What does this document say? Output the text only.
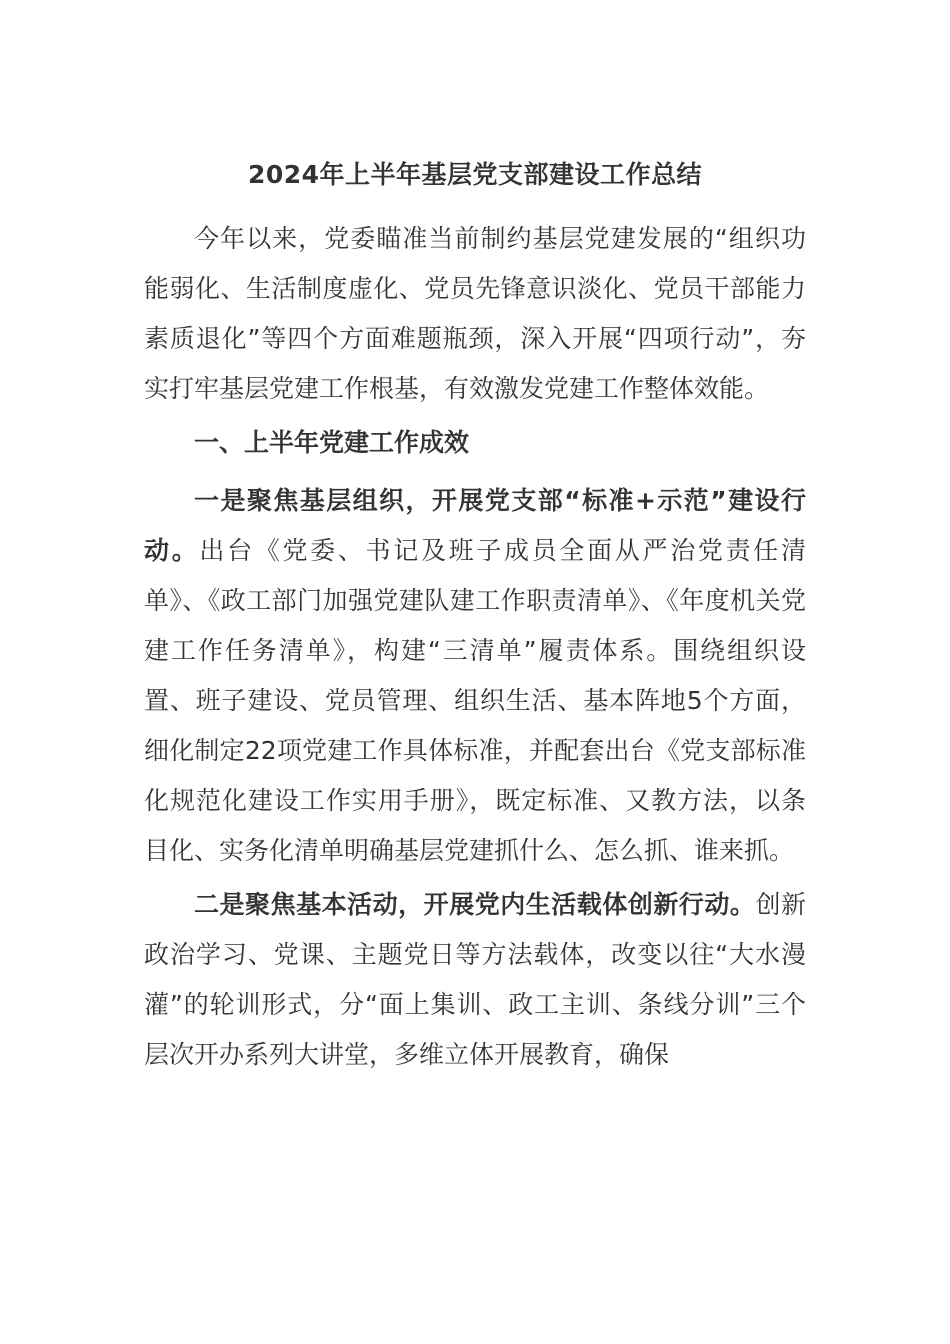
2024年上半年基层党支部建设工作总结

今年以来，党委瞄准当前制约基层党建发展的“组织功能弱化、生活制度虚化、党员先锋意识淡化、党员干部能力素质退化”等四个方面难题瓶颈，深入开展“四项行动”，夯实打牢基层党建工作根基，有效激发党建工作整体效能。

一、上半年党建工作成效

一是聚焦基层组织，开展党支部“标准+示范”建设行动。出台《党委、书记及班子成员全面从严治党责任清单》、《政工部门加强党建队建工作职责清单》、《年度机关党建工作任务清单》，构建“三清单”履责体系。围绕组织设置、班子建设、党员管理、组织生活、基本阵地5个方面，细化制定22项党建工作具体标准，并配套出台《党支部标准化规范化建设工作实用手册》，既定标准、又教方法，以条目化、实务化清单明确基层党建抓什么、怎么抓、谁来抓。

二是聚焦基本活动，开展党内生活载体创新行动。创新政治学习、党课、主题党日等方法载体，改变以往“大水漫灌”的轮训形式，分“面上集训、政工主训、条线分训”三个层次开办系列大讲堂，多维立体开展教育，确保
